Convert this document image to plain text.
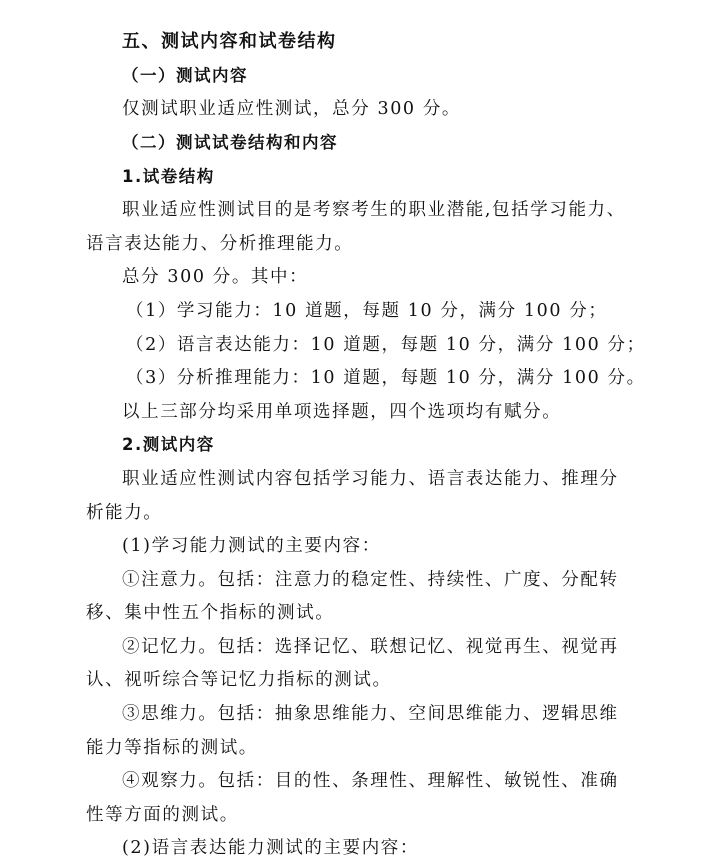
五、测试内容和试卷结构
（一）测试内容
仅测试职业适应性测试，总分 300 分。
（二）测试试卷结构和内容
1.试卷结构
职业适应性测试目的是考察考生的职业潜能,包括学习能力、
语言表达能力、分析推理能力。
总分 300 分。其中：
（1）学习能力：10 道题，每题 10 分，满分 100 分；
（2）语言表达能力：10 道题，每题 10 分，满分 100 分；
（3）分析推理能力：10 道题，每题 10 分，满分 100 分。
以上三部分均采用单项选择题，四个选项均有赋分。
2.测试内容
职业适应性测试内容包括学习能力、语言表达能力、推理分
析能力。
(1)学习能力测试的主要内容：
①注意力。包括：注意力的稳定性、持续性、广度、分配转
移、集中性五个指标的测试。
②记忆力。包括：选择记忆、联想记忆、视觉再生、视觉再
认、视听综合等记忆力指标的测试。
③思维力。包括：抽象思维能力、空间思维能力、逻辑思维
能力等指标的测试。
④观察力。包括：目的性、条理性、理解性、敏锐性、准确
性等方面的测试。
(2)语言表达能力测试的主要内容：
